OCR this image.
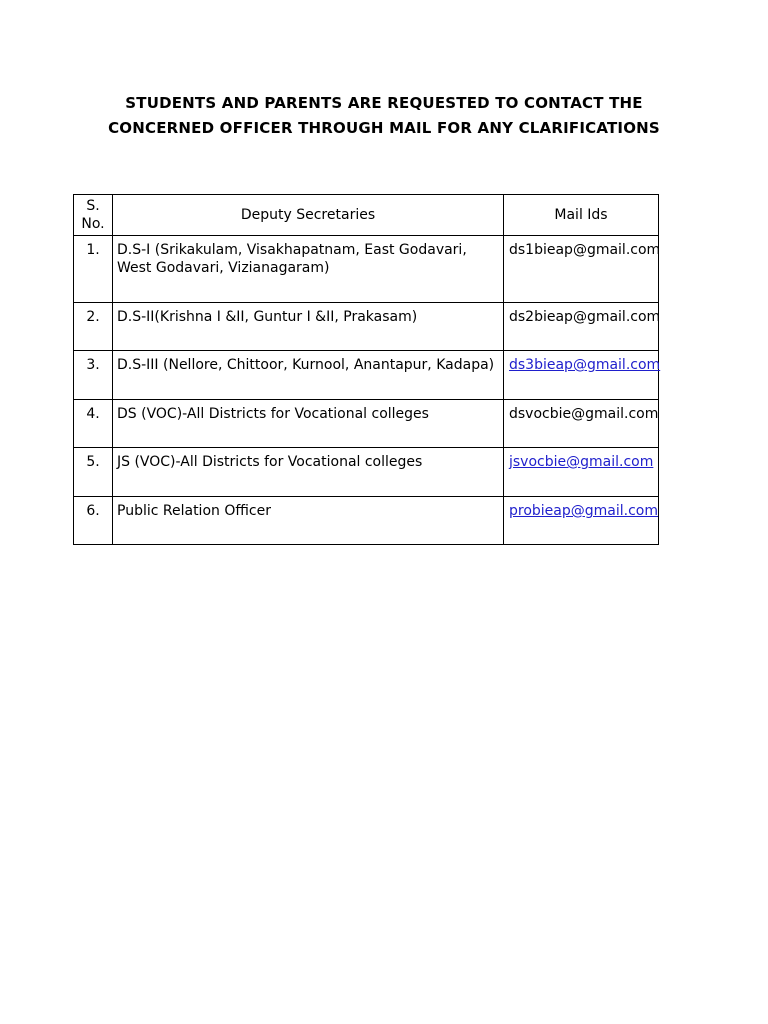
STUDENTS AND PARENTS ARE REQUESTED TO CONTACT THE
CONCERNED OFFICER THROUGH MAIL FOR ANY CLARIFICATIONS
S.
No.	Deputy Secretaries	Mail Ids
1.	D.S-I (Srikakulam, Visakhapatnam, East Godavari, West Godavari, Vizianagaram)	ds1bieap@gmail.com
2.	D.S-II(Krishna I &II, Guntur I &II, Prakasam)	ds2bieap@gmail.com
3.	D.S-III (Nellore, Chittoor, Kurnool, Anantapur, Kadapa)	ds3bieap@gmail.com
4.	DS (VOC)-All Districts for Vocational colleges	dsvocbie@gmail.com
5.	JS (VOC)-All Districts for Vocational colleges	jsvocbie@gmail.com
6.	Public Relation Officer	probieap@gmail.com
